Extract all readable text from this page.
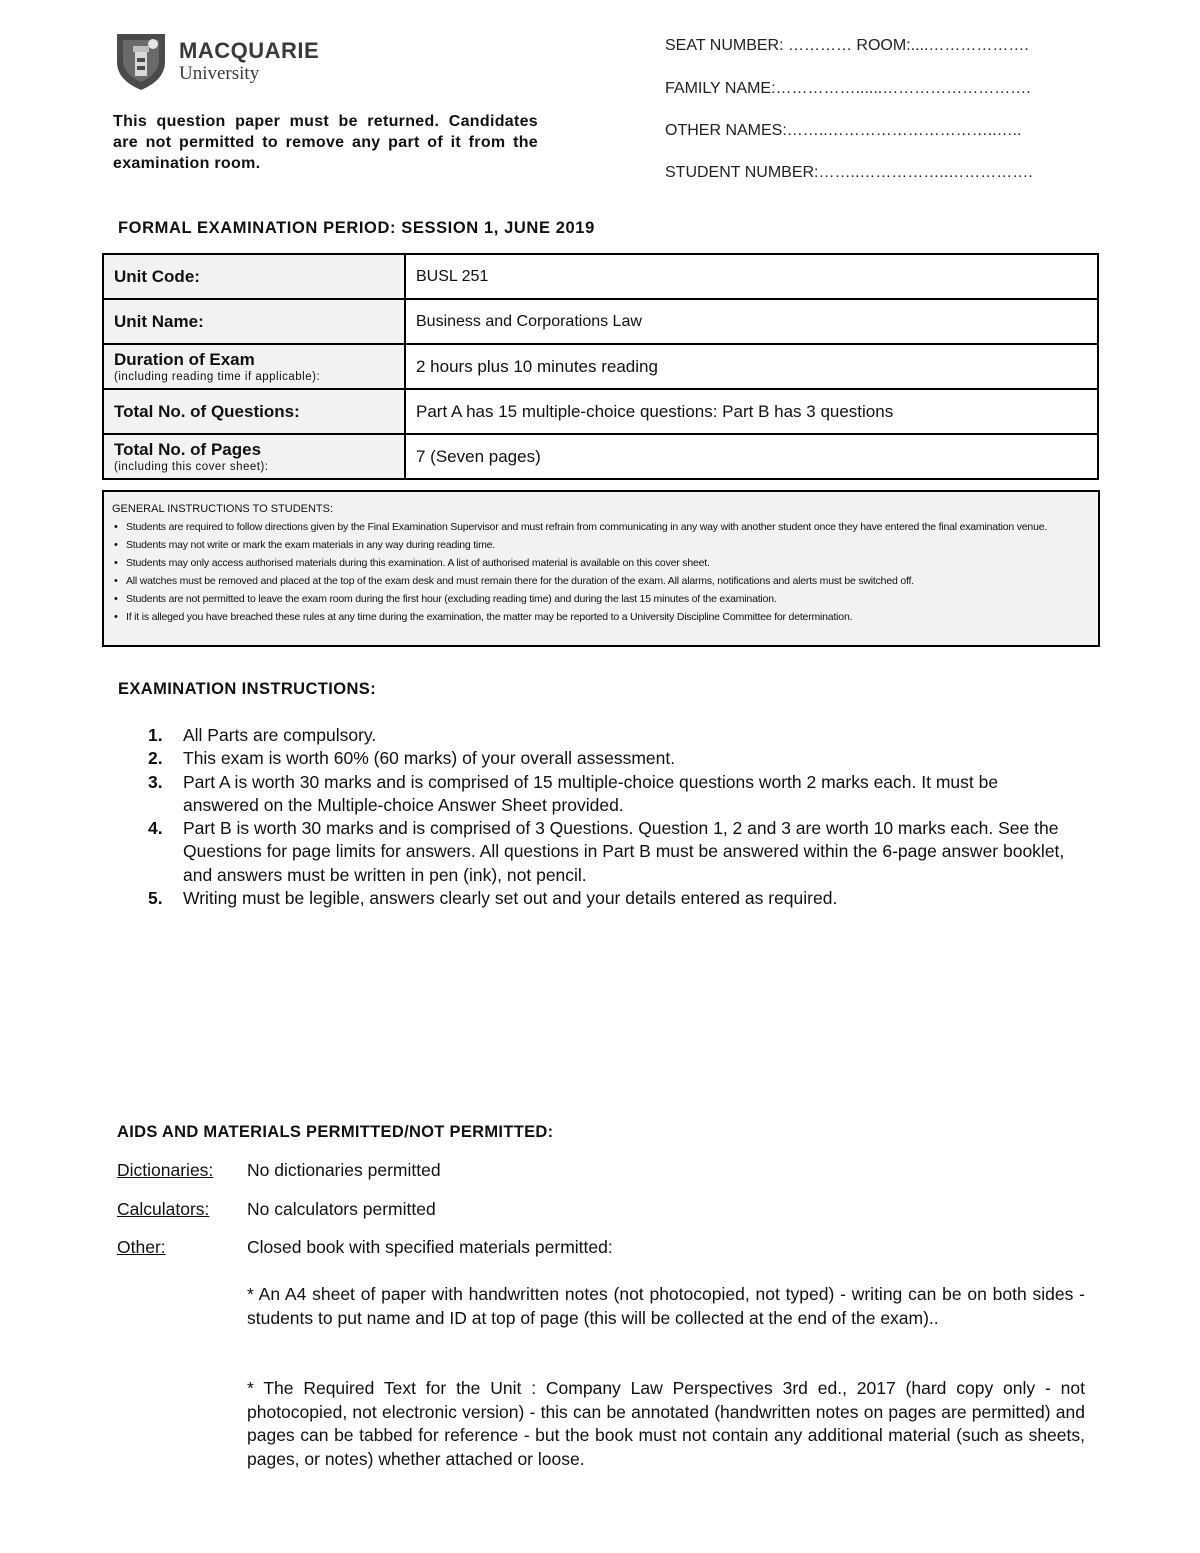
MACQUARIE
University
This question paper must be returned. Candidates are not permitted to remove any part of it from the examination room.
SEAT NUMBER: ………… ROOM:....……………….
FAMILY NAME:……………......……………………….
OTHER NAMES:……..…………………………..…..
STUDENT NUMBER:……..……………..…………….
FORMAL EXAMINATION PERIOD: SESSION 1, JUNE 2019
Unit Code:	BUSL 251
Unit Name:	Business and Corporations Law
Duration of Exam
(including reading time if applicable):	2 hours plus 10 minutes reading
Total No. of Questions:	Part A has 15 multiple-choice questions: Part B has 3 questions
Total No. of Pages
(including this cover sheet):	7 (Seven pages)
GENERAL INSTRUCTIONS TO STUDENTS:
• Students are required to follow directions given by the Final Examination Supervisor and must refrain from communicating in any way with another student once they have entered the final examination venue.
• Students may not write or mark the exam materials in any way during reading time.
• Students may only access authorised materials during this examination. A list of authorised material is available on this cover sheet.
• All watches must be removed and placed at the top of the exam desk and must remain there for the duration of the exam. All alarms, notifications and alerts must be switched off.
• Students are not permitted to leave the exam room during the first hour (excluding reading time) and during the last 15 minutes of the examination.
• If it is alleged you have breached these rules at any time during the examination, the matter may be reported to a University Discipline Committee for determination.
EXAMINATION INSTRUCTIONS:
1. All Parts are compulsory.
2. This exam is worth 60% (60 marks) of your overall assessment.
3. Part A is worth 30 marks and is comprised of 15 multiple-choice questions worth 2 marks each. It must be answered on the Multiple-choice Answer Sheet provided.
4. Part B is worth 30 marks and is comprised of 3 Questions. Question 1, 2 and 3 are worth 10 marks each. See the Questions for page limits for answers. All questions in Part B must be answered within the 6-page answer booklet, and answers must be written in pen (ink), not pencil.
5. Writing must be legible, answers clearly set out and your details entered as required.
AIDS AND MATERIALS PERMITTED/NOT PERMITTED:
Dictionaries: No dictionaries permitted
Calculators: No calculators permitted
Other:	Closed book with specified materials permitted:
* An A4 sheet of paper with handwritten notes (not photocopied, not typed) - writing can be on both sides - students to put name and ID at top of page (this will be collected at the end of the exam)..
* The Required Text for the Unit : Company Law Perspectives 3rd ed., 2017 (hard copy only - not photocopied, not electronic version) - this can be annotated (handwritten notes on pages are permitted) and pages can be tabbed for reference - but the book must not contain any additional material (such as sheets, pages, or notes) whether attached or loose.
